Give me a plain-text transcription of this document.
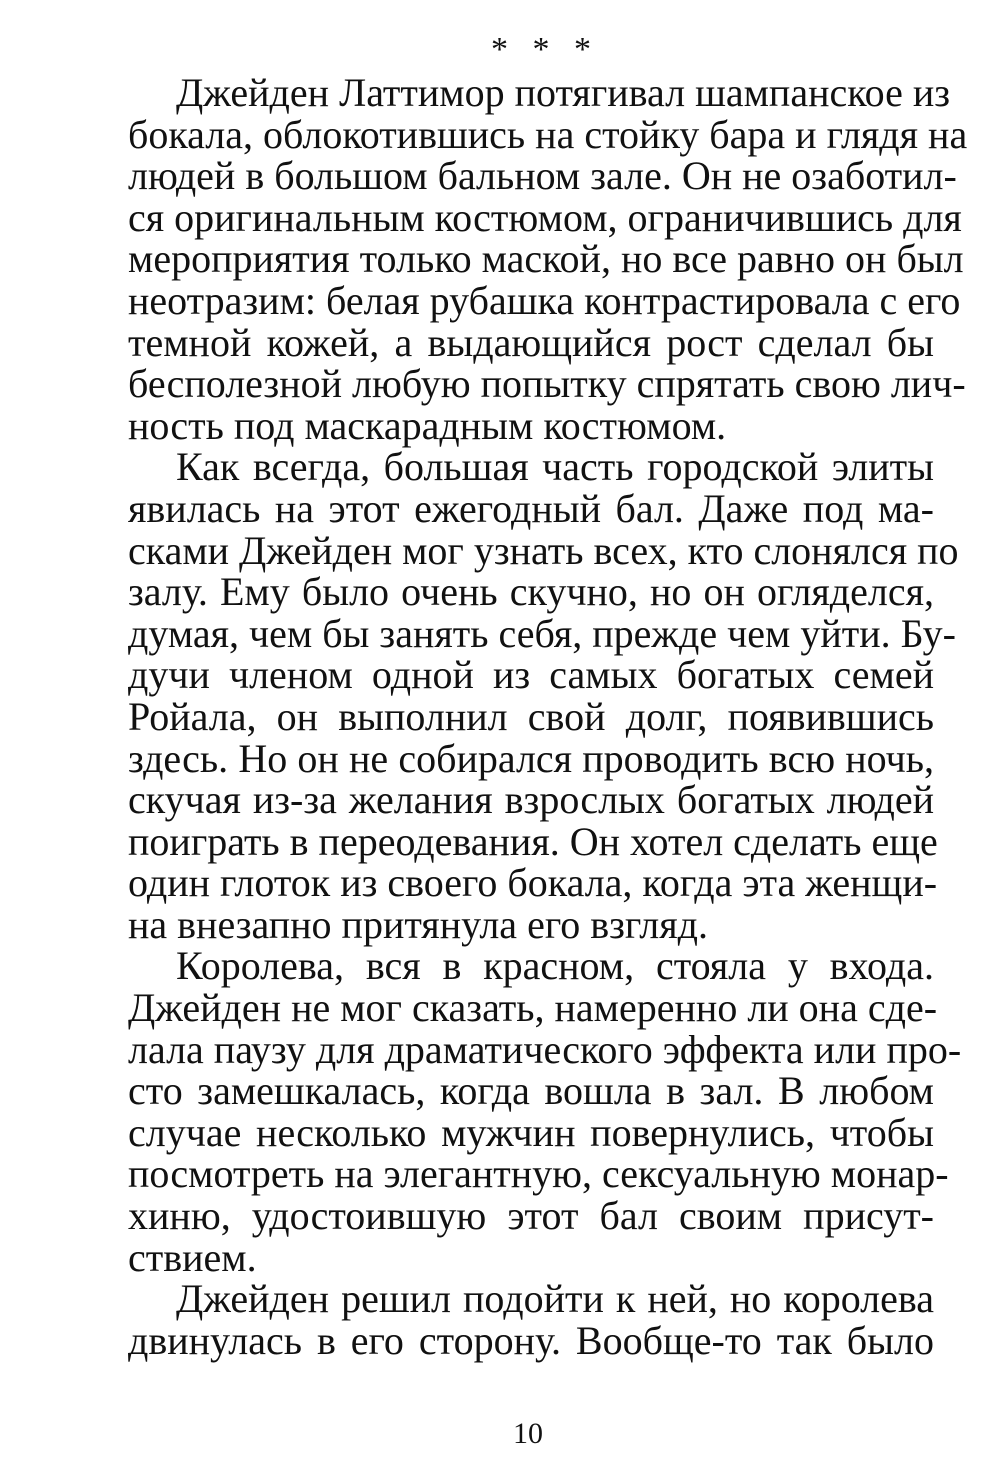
* * *
Джейден Латтимор потягивал шампанское из
бокала, облокотившись на стойку бара и глядя на
людей в большом бальном зале. Он не озаботил-
ся оригинальным костюмом, ограничившись для
мероприятия только маской, но все равно он был
неотразим: белая рубашка контрастировала с его
темной кожей, а выдающийся рост сделал бы
бесполезной любую попытку спрятать свою лич-
ность под маскарадным костюмом.
Как всегда, большая часть городской элиты
явилась на этот ежегодный бал. Даже под ма-
сками Джейден мог узнать всех, кто слонялся по
залу. Ему было очень скучно, но он огляделся,
думая, чем бы занять себя, прежде чем уйти. Бу-
дучи членом одной из самых богатых семей
Ройала, он выполнил свой долг, появившись
здесь. Но он не собирался проводить всю ночь,
скучая из-за желания взрослых богатых людей
поиграть в переодевания. Он хотел сделать еще
один глоток из своего бокала, когда эта женщи-
на внезапно притянула его взгляд.
Королева, вся в красном, стояла у входа.
Джейден не мог сказать, намеренно ли она сде-
лала паузу для драматического эффекта или про-
сто замешкалась, когда вошла в зал. В любом
случае несколько мужчин повернулись, чтобы
посмотреть на элегантную, сексуальную монар-
хиню, удостоившую этот бал своим присут-
ствием.
Джейден решил подойти к ней, но королева
двинулась в его сторону. Вообще-то так было
10
